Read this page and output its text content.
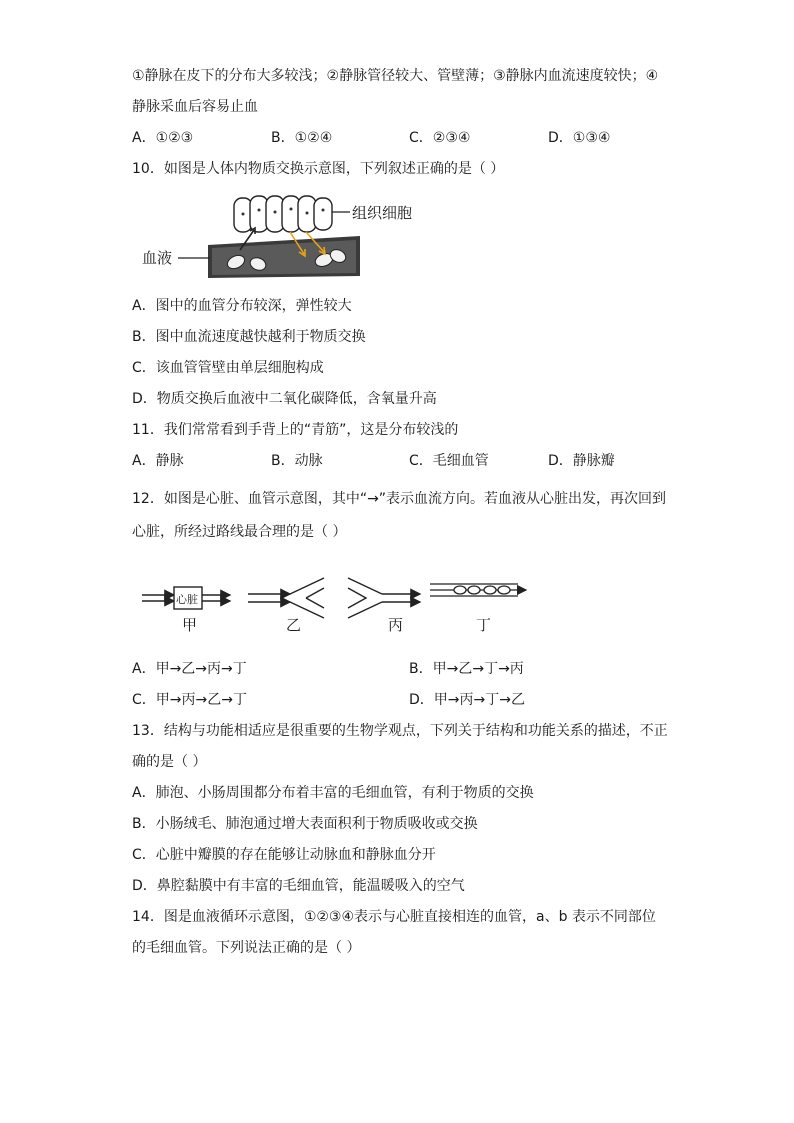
①静脉在皮下的分布大多较浅；②静脉管径较大、管壁薄；③静脉内血流速度较快；④
静脉采血后容易止血
A．①②③	B．①②④	C．②③④	D．①③④
10．如图是人体内物质交换示意图，下列叙述正确的是（ ）
组织细胞
血液
A．图中的血管分布较深，弹性较大
B．图中血流速度越快越利于物质交换
C．该血管管壁由单层细胞构成
D．物质交换后血液中二氧化碳降低，含氧量升高
11．我们常常看到手背上的“青筋”，这是分布较浅的
A．静脉	B．动脉	C．毛细血管	D．静脉瓣
12．如图是心脏、血管示意图，其中“→”表示血流方向。若血液从心脏出发，再次回到
心脏，所经过路线最合理的是（ ）
心脏
甲	乙	丙	丁
A．甲→乙→丙→丁	B．甲→乙→丁→丙
C．甲→丙→乙→丁	D．甲→丙→丁→乙
13．结构与功能相适应是很重要的生物学观点，下列关于结构和功能关系的描述，不正
确的是（ ）
A．肺泡、小肠周围都分布着丰富的毛细血管，有利于物质的交换
B．小肠绒毛、肺泡通过增大表面积利于物质吸收或交换
C．心脏中瓣膜的存在能够让动脉血和静脉血分开
D．鼻腔黏膜中有丰富的毛细血管，能温暖吸入的空气
14．图是血液循环示意图，①②③④表示与心脏直接相连的血管，a、b 表示不同部位
的毛细血管。下列说法正确的是（ ）
